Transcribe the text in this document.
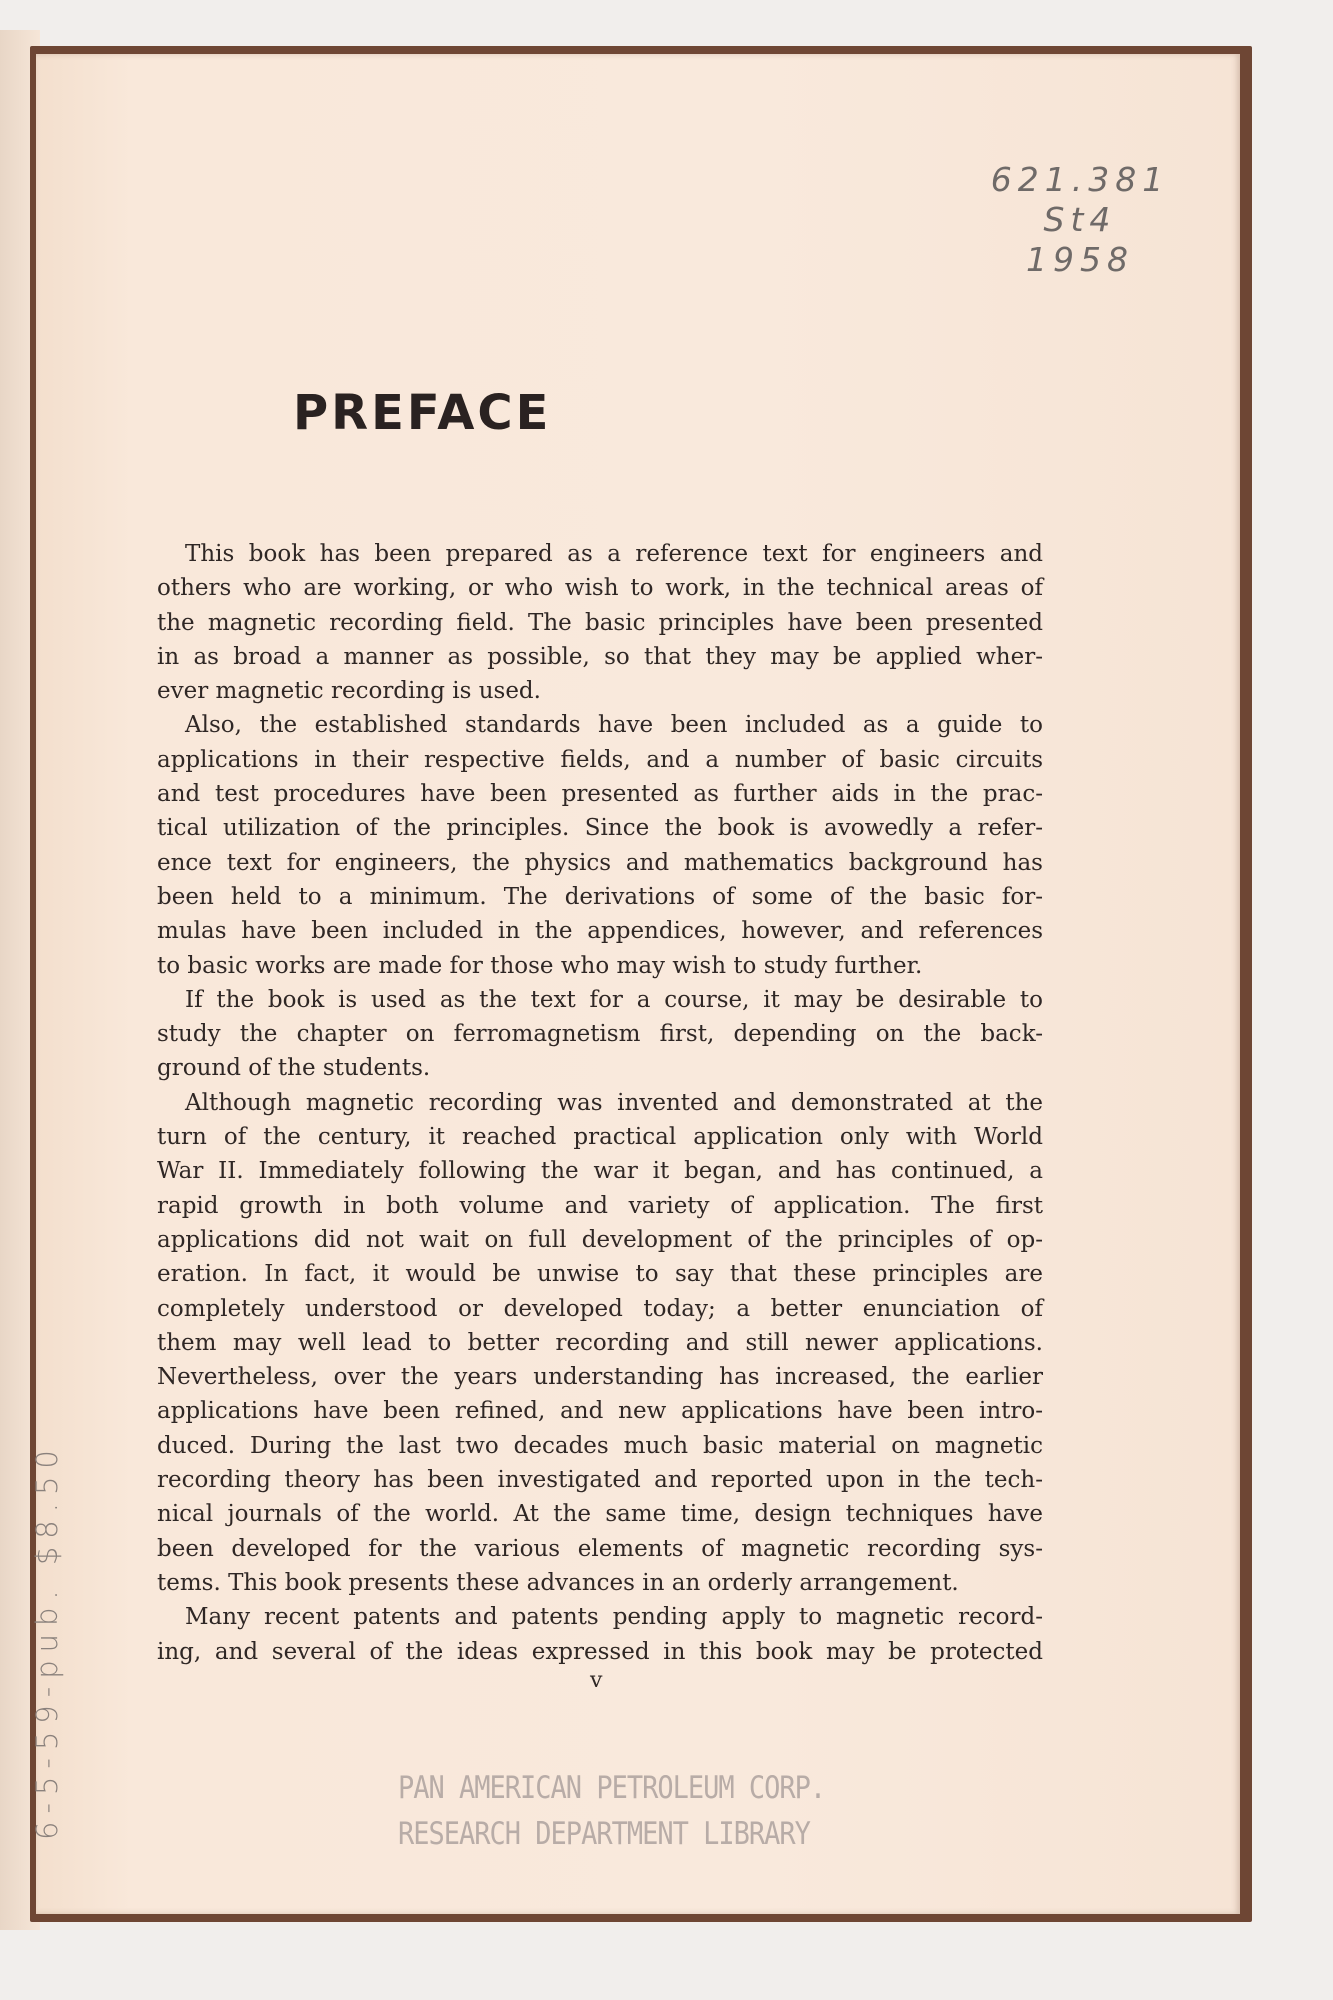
621.381
St4
1958
6-5-59-pub. $8.50
PREFACE
This book has been prepared as a reference text for engineers and
others who are working, or who wish to work, in the technical areas of
the magnetic recording field. The basic principles have been presented
in as broad a manner as possible, so that they may be applied wher-
ever magnetic recording is used.
Also, the established standards have been included as a guide to
applications in their respective fields, and a number of basic circuits
and test procedures have been presented as further aids in the prac-
tical utilization of the principles. Since the book is avowedly a refer-
ence text for engineers, the physics and mathematics background has
been held to a minimum. The derivations of some of the basic for-
mulas have been included in the appendices, however, and references
to basic works are made for those who may wish to study further.
If the book is used as the text for a course, it may be desirable to
study the chapter on ferromagnetism first, depending on the back-
ground of the students.
Although magnetic recording was invented and demonstrated at the
turn of the century, it reached practical application only with World
War II. Immediately following the war it began, and has continued, a
rapid growth in both volume and variety of application. The first
applications did not wait on full development of the principles of op-
eration. In fact, it would be unwise to say that these principles are
completely understood or developed today; a better enunciation of
them may well lead to better recording and still newer applications.
Nevertheless, over the years understanding has increased, the earlier
applications have been refined, and new applications have been intro-
duced. During the last two decades much basic material on magnetic
recording theory has been investigated and reported upon in the tech-
nical journals of the world. At the same time, design techniques have
been developed for the various elements of magnetic recording sys-
tems. This book presents these advances in an orderly arrangement.
Many recent patents and patents pending apply to magnetic record-
ing, and several of the ideas expressed in this book may be protected
v
PAN AMERICAN PETROLEUM CORP.
RESEARCH DEPARTMENT LIBRARY
